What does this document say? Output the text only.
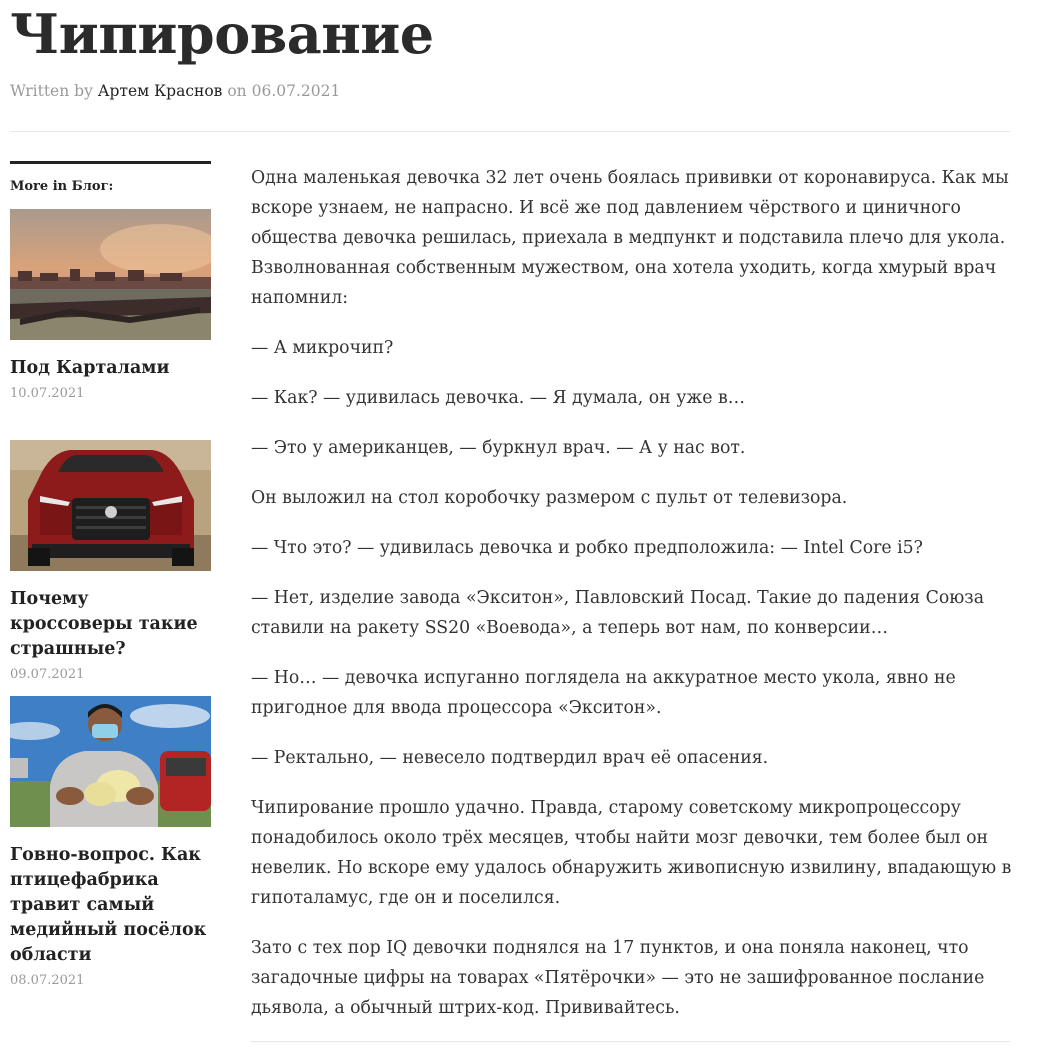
Чипирование
Written by Артем Краснов on 06.07.2021
More in Блог:
Под Карталами
10.07.2021
Почему кроссоверы такие страшные?
09.07.2021
Говно-вопрос. Как птицефабрика травит самый медийный посёлок области
08.07.2021

Одна маленькая девочка 32 лет очень боялась прививки от коронавируса. Как мы вскоре узнаем, не напрасно. И всё же под давлением чёрствого и циничного общества девочка решилась, приехала в медпункт и подставила плечо для укола. Взволнованная собственным мужеством, она хотела уходить, когда хмурый врач напомнил:

— А микрочип?

— Как? — удивилась девочка. — Я думала, он уже в…

— Это у американцев, — буркнул врач. — А у нас вот.

Он выложил на стол коробочку размером с пульт от телевизора.

— Что это? — удивилась девочка и робко предположила: — Intel Core i5?

— Нет, изделие завода «Экситон», Павловский Посад. Такие до падения Союза ставили на ракету SS20 «Воевода», а теперь вот нам, по конверсии…

— Но… — девочка испуганно поглядела на аккуратное место укола, явно не пригодное для ввода процессора «Экситон».

— Ректально, — невесело подтвердил врач её опасения.

Чипирование прошло удачно. Правда, старому советскому микропроцессору понадобилось около трёх месяцев, чтобы найти мозг девочки, тем более был он невелик. Но вскоре ему удалось обнаружить живописную извилину, впадающую в гипоталамус, где он и поселился.

Зато с тех пор IQ девочки поднялся на 17 пунктов, и она поняла наконец, что загадочные цифры на товарах «Пятёрочки» — это не зашифрованное послание дьявола, а обычный штрих-код. Прививайтесь.
